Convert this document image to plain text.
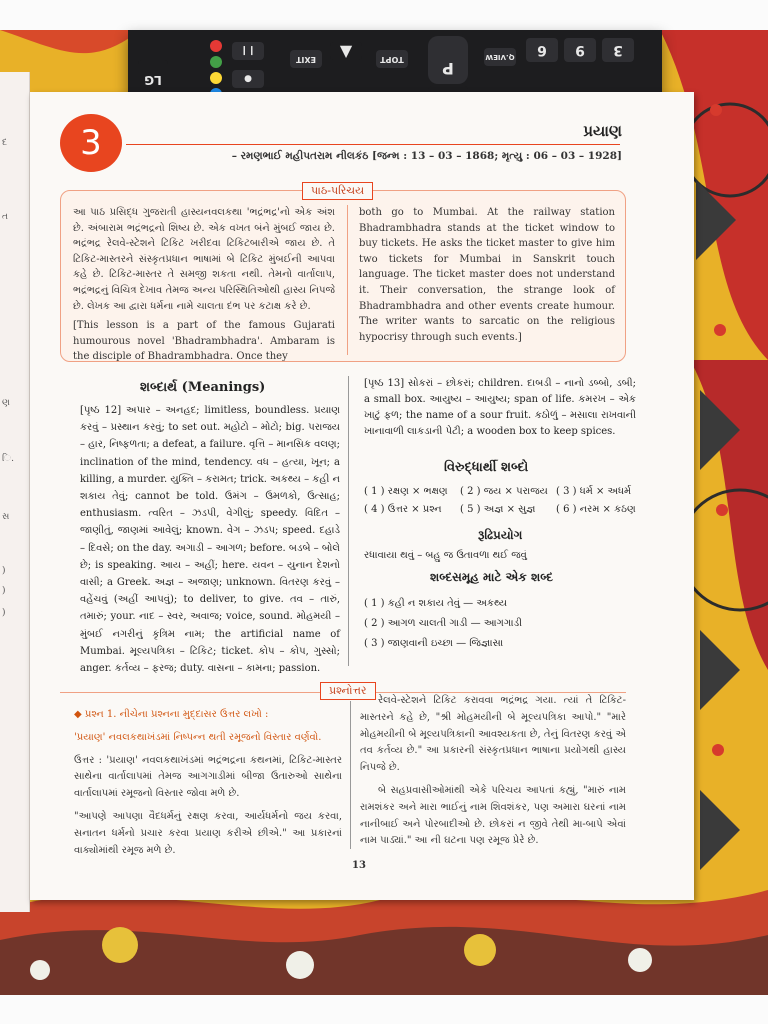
દ
ત
ણ
િ.
સ
)
)
)
LG
❙❙
●
EXIT	▼	TOPT	P
Q.VIEW	6	9	3
3	પ્રયાણ
– રમણભાઈ મહીપતરામ નીલકંઠ [જન્મ : 13 – 03 – 1868; મૃત્યુ : 06 – 03 – 1928]

આ પાઠ પ્રસિદ્ધ ગુજરાતી હાસ્યનવલકથા 'ભદ્રંભદ્ર'નો એક અંશ છે. અંબારામ ભદ્રંભદ્રનો શિષ્ય છે. એક વખત બંને મુંબઈ જાય છે. ભદ્રંભદ્ર રેલવે-સ્ટેશને ટિકિટ ખરીદવા ટિકિટબારીએ જાય છે. તે ટિકિટ-માસ્તરને સંસ્કૃતપ્રધાન ભાષામાં બે ટિકિટ મુંબઈની આપવા કહે છે. ટિકિટ-માસ્તર તે સમજી શકતા નથી. તેમનો વાર્તાલાપ, ભદ્રંભદ્રનું વિચિત્ર દેખાવ તેમજ અન્ય પરિસ્થિતિઓથી હાસ્ય નિપજે છે. લેખક આ દ્વારા ધર્મના નામે ચાલતા દંભ પર કટાક્ષ કરે છે.

[This lesson is a part of the famous Gujarati humourous novel 'Bhadrambhadra'. Ambaram is the disciple of Bhadrambhadra. Once they

both go to Mumbai. At the railway station Bhadrambhadra stands at the ticket window to buy tickets. He asks the ticket master to give him two tickets for Mumbai in Sanskrit touch language. The ticket master does not understand it. Their conversation, the strange look of Bhadrambhadra and other events create humour. The writer wants to sarcatic on the religious hypocrisy through such events.]
પાઠ-પરિચય
શબ્દાર્થ (Meanings)
[પૃષ્ઠ 12] અપાર – અનહદ; limitless, boundless. પ્રયાણ કરવું – પ્રસ્થાન કરવું; to set out. મહોટો – મોટો; big. પરાજય – હાર, નિષ્ફળતા; a defeat, a failure. વૃત્તિ – માનસિક વલણ; inclination of the mind, tendency. વધ – હત્યા, ખૂન; a killing, a murder. યુક્તિ – કરામત; trick. અકથ્ય – કહી ન શકાય તેવું; cannot be told. ઉમંગ – ઉમળકો, ઉત્સાહ; enthusiasm. ત્વરિત – ઝડપી, વેગીલું; speedy. વિદિત – જાણીતું, જાણમાં આવેલું; known. વેગ – ઝડપ; speed. દહાડે – દિવસે; on the day. અગાડી – આગળ; before. બડબે – બોલે છે; is speaking. આય – અહીં; here. યવન – યુનાન દેશનો વાસી; a Greek. અજ્ઞ – અજાણ; unknown. વિતરણ કરવું – વહેંચવું (અહીં આપવું); to deliver, to give. તવ – તારું, તમારું; your. નાદ – સ્વર, અવાજ; voice, sound. મોહમયી – મુંબઈ નગરીનું કૃત્રિમ નામ; the artificial name of Mumbai. મૂલ્યપત્રિકા – ટિકિટ; ticket. કોપ – કોપ, ગુસ્સો; anger. કર્તવ્ય – ફરજ; duty. વાસના – કામના; passion.
[પૃષ્ઠ 13] સોકરાં – છોકરાં; children. દાબડી – નાનો ડબ્બો, ડબી; a small box. આયુષ્ય – આયુષ્ય; span of life. કમરખ – એક ખાટું ફળ; the name of a sour fruit. કઠોળું – મસાલા રાખવાની ખાનાવાળી લાકડાની પેટી; a wooden box to keep spices.
વિરુદ્ધાર્થી શબ્દો
( 1 ) રક્ષણ × ભક્ષણ ( 2 ) જય × પરાજય ( 3 ) ધર્મ × અધર્મ
( 4 ) ઉત્તર × પ્રશ્ન ( 5 ) અજ્ઞ × સુજ્ઞ ( 6 ) નરમ × કઠણ
રૂઢિપ્રયોગ
રધાવાયા થવું – બહુ જ ઉતાવળા થઈ જવું
શબ્દસમૂહ માટે એક શબ્દ
( 1 ) કહી ન શકાય તેવું — અકથ્ય
( 2 ) આગળ ચાલતી ગાડી — આગગાડી
( 3 ) જાણવાની ઇચ્છા — જિજ્ઞાસા

◆ પ્રશ્ન 1. નીચેના પ્રશ્નના મુદ્દાસર ઉત્તર લખો :

'પ્રયાણ' નવલકથાખંડમાં નિષ્પન્ન થતી રમૂજનો વિસ્તાર વર્ણવો.

ઉત્તર : 'પ્રયાણ' નવલકથાખંડમાં ભદ્રંભદ્રના કથનમાં, ટિકિટ-માસ્તર સાથેના વાર્તાલાપમાં તેમજ આગગાડીમાં બીજા ઉતારુઓ સાથેના વાર્તાલાપમાં રમૂજનો વિસ્તાર જોવા મળે છે.

"આપણે આપણા વૈદધર્મનું રક્ષણ કરવા, આર્યધર્મનો જય કરવા, સનાતન ધર્મનો પ્રચાર કરવા પ્રયાણ કરીએ છીએ." આ પ્રકારનાં વાક્યોમાંથી રમૂજ મળે છે.

રેલવે-સ્ટેશને ટિકિટ કરાવવા ભદ્રંભદ્ર ગયા. ત્યાં તે ટિકિટ-માસ્તરને કહે છે, "શ્રી મોહમયીની બે મૂલ્યપત્રિકા આપો." "મારે મોહમયીની બે મૂલ્યપત્રિકાની આવશ્યકતા છે, તેનું વિતરણ કરવું એ તવ કર્તવ્ય છે." આ પ્રકારની સંસ્કૃતપ્રધાન ભાષાના પ્રયોગથી હાસ્ય નિપજે છે.

બે સહપ્રવાસીઓમાંથી એકે પરિચય આપતાં કહ્યું, "મારું નામ રામશંકર અને મારા ભાઈનું નામ શિવશંકર, પણ અમારા ઘરનાં નામ નાનીબાઈ અને પોરબાદીઓ છે. છોકરાં ન જીવે તેથી મા-બાપે એવાં નામ પાડ્યાં." આ ની ઘટના પણ રમૂજ પ્રેરે છે.

પ્રશ્નોત્તર
13
